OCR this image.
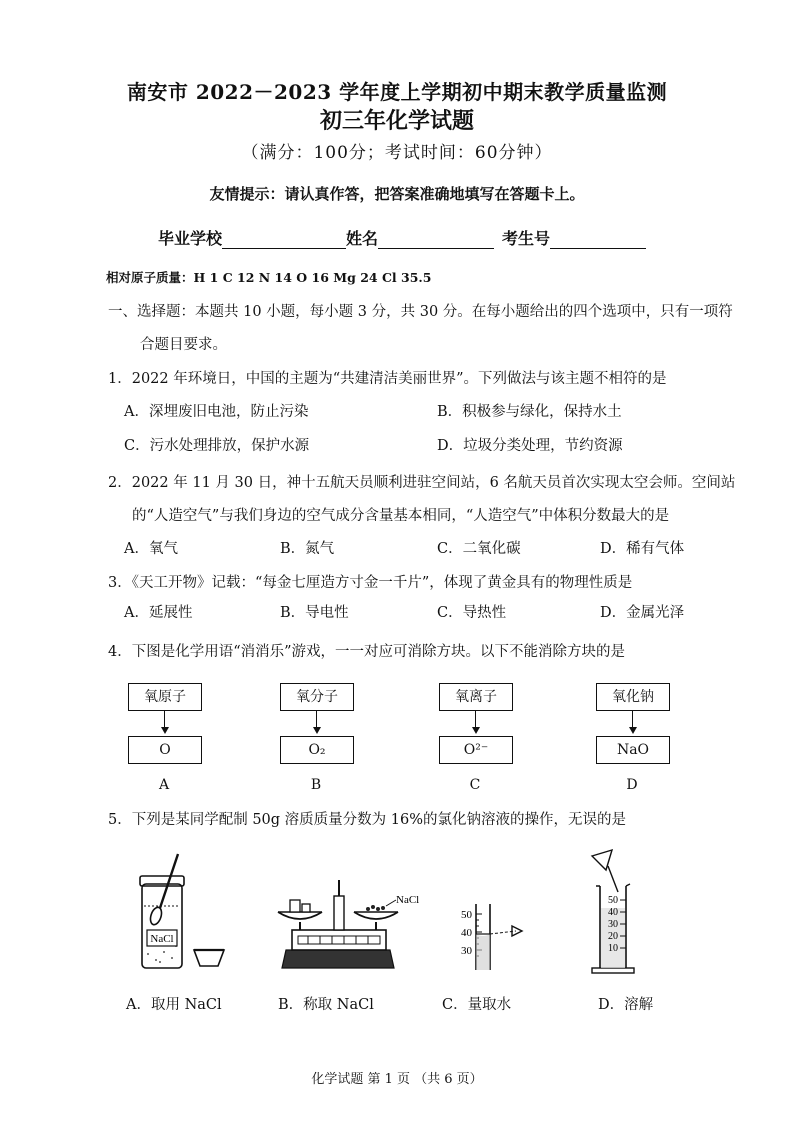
南安市 2022－2023 学年度上学期初中期末教学质量监测
初三年化学试题
（满分：100分；考试时间：60分钟）
友情提示：请认真作答，把答案准确地填写在答题卡上。
毕业学校	姓名	考生号
相对原子质量：H 1 C 12 N 14 O 16 Mg 24 Cl 35.5
一、选择题：本题共 10 小题，每小题 3 分，共 30 分。在每小题给出的四个选项中，只有一项符
合题目要求。
1．2022 年环境日，中国的主题为“共建清洁美丽世界”。下列做法与该主题不相符的是
A．深埋废旧电池，防止污染	B．积极参与绿化，保持水土
C．污水处理排放，保护水源	D．垃圾分类处理，节约资源
2．2022 年 11 月 30 日，神十五航天员顺利进驻空间站，6 名航天员首次实现太空会师。空间站
的“人造空气”与我们身边的空气成分含量基本相同，“人造空气”中体积分数最大的是
A．氧气	B．氮气	C．二氧化碳	D．稀有气体
3．《天工开物》记载：“每金七厘造方寸金一千片”，体现了黄金具有的物理性质是
A．延展性	B．导电性	C．导热性	D．金属光泽
4．下图是化学用语“消消乐”游戏，一一对应可消除方块。以下不能消除方块的是
氧原子
O
A
氧分子
O₂
B
氧离子
O²⁻
C
氧化钠
NaO
D
5．下列是某同学配制 50g 溶质质量分数为 16%的氯化钠溶液的操作，无误的是
NaCl
NaCl
50
40
30
50
40
30
20
10
A．取用 NaCl	B．称取 NaCl	C．量取水	D．溶解
化学试题 第 1 页 （共 6 页）
